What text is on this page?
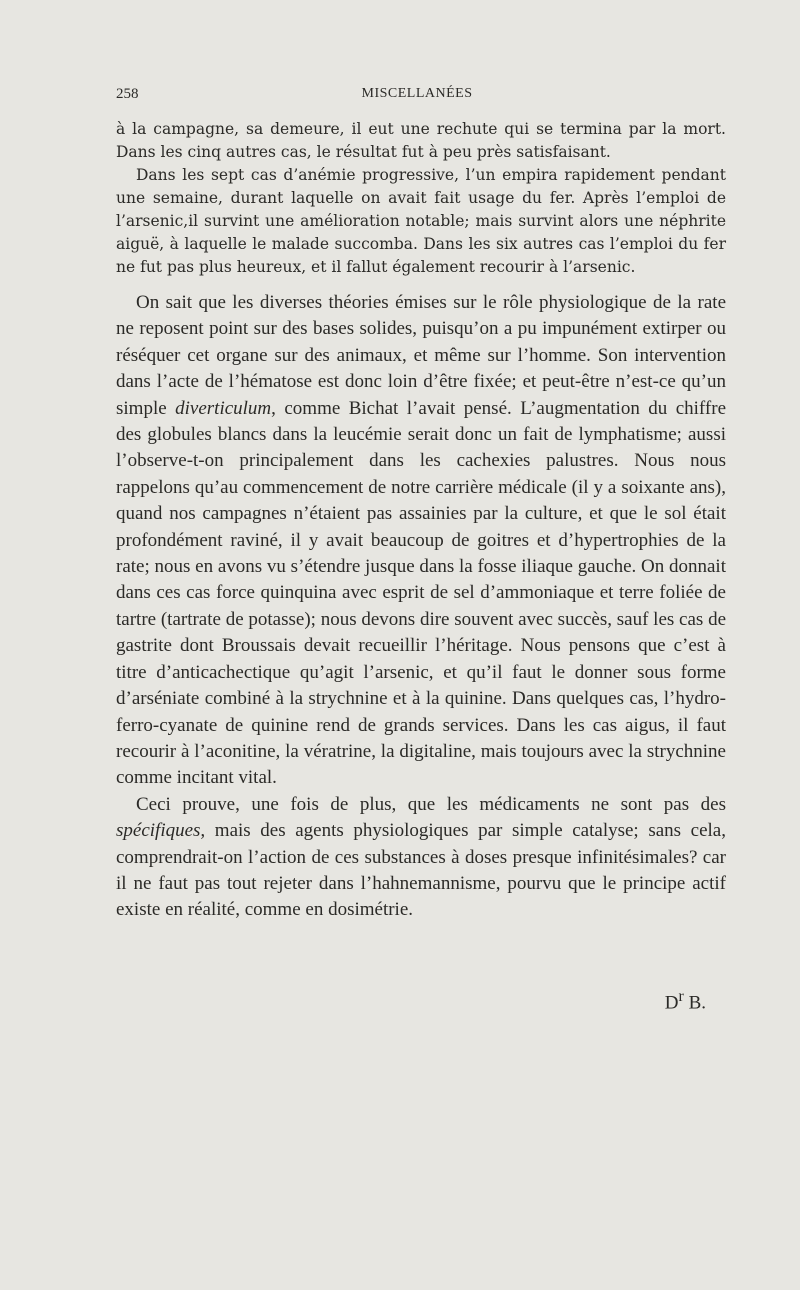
258	MISCELLANÉES

à la campagne, sa demeure, il eut une rechute qui se termina par la mort. Dans les cinq autres cas, le résultat fut à peu près satisfaisant.

Dans les sept cas d’anémie progressive, l’un empira rapidement pendant une semaine, durant laquelle on avait fait usage du fer. Après l’emploi de l’arsenic,il survint une amélioration notable; mais survint alors une néphrite aiguë, à laquelle le malade succomba. Dans les six autres cas l’emploi du fer ne fut pas plus heureux, et il fallut également recourir à l’arsenic.

On sait que les diverses théories émises sur le rôle physiologique de la rate ne reposent point sur des bases solides, puisqu’on a pu impunément extirper ou réséquer cet organe sur des animaux, et même sur l’homme. Son intervention dans l’acte de l’hématose est donc loin d’être fixée; et peut-être n’est-ce qu’un simple diverticulum, comme Bichat l’avait pensé. L’augmentation du chiffre des globules blancs dans la leucémie serait donc un fait de lymphatisme; aussi l’observe-t-on principalement dans les cachexies palustres. Nous nous rappelons qu’au commencement de notre carrière médicale (il y a soixante ans), quand nos campagnes n’étaient pas assainies par la culture, et que le sol était profondément raviné, il y avait beaucoup de goitres et d’hypertrophies de la rate; nous en avons vu s’étendre jusque dans la fosse iliaque gauche. On donnait dans ces cas force quinquina avec esprit de sel d’ammoniaque et terre foliée de tartre (tartrate de potasse); nous devons dire souvent avec succès, sauf les cas de gastrite dont Broussais devait recueillir l’héritage. Nous pensons que c’est à titre d’anticachectique qu’agit l’arsenic, et qu’il faut le donner sous forme d’arséniate combiné à la strychnine et à la quinine. Dans quelques cas, l’hydro-ferro-cyanate de quinine rend de grands services. Dans les cas aigus, il faut recourir à l’aconitine, la vératrine, la digitaline, mais toujours avec la strychnine comme incitant vital.

Ceci prouve, une fois de plus, que les médicaments ne sont pas des spécifiques, mais des agents physiologiques par simple catalyse; sans cela, comprendrait-on l’action de ces substances à doses presque infinitésimales? car il ne faut pas tout rejeter dans l’hahnemannisme, pourvu que le principe actif existe en réalité, comme en dosimétrie.

$D^r$ B.
